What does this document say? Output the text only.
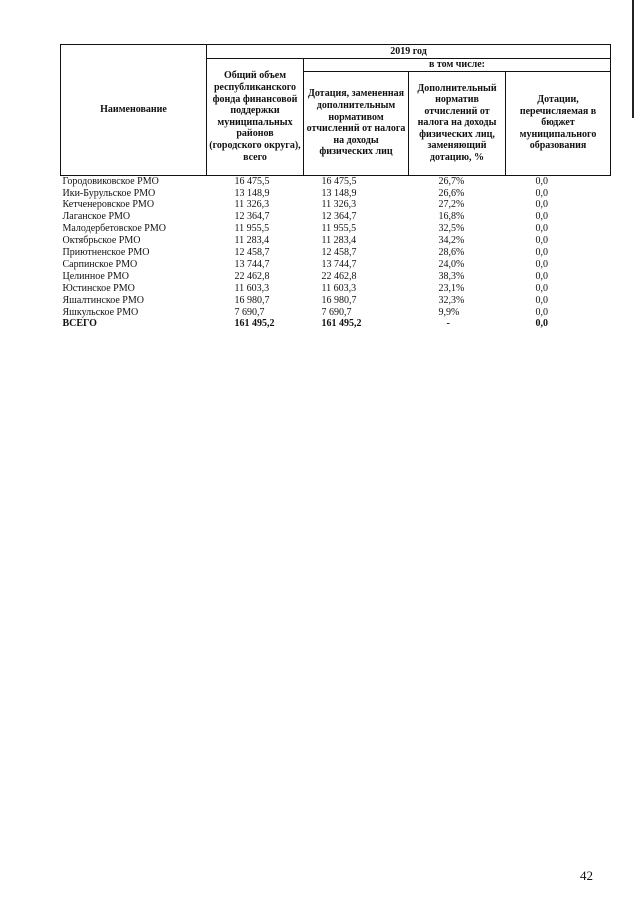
Наименование	2019 год			
	Общий объем республиканского фонда финансовой поддержки муниципальных районов (городского округа), всего	в том числе:		
		Дотация, замененная дополнительным нормативом отчислений от налога на доходы физических лиц	Дополнительный норматив отчислений от налога на доходы физических лиц, заменяющий дотацию, %	Дотации, перечисляемая в бюджет муниципального образования
Городовиковское РМО	16 475,5	16 475,5	26,7%	0,0
Ики-Бурульское РМО	13 148,9	13 148,9	26,6%	0,0
Кетченеровское РМО	11 326,3	11 326,3	27,2%	0,0
Лаганское РМО	12 364,7	12 364,7	16,8%	0,0
Малодербетовское РМО	11 955,5	11 955,5	32,5%	0,0
Октябрьское РМО	11 283,4	11 283,4	34,2%	0,0
Приютненское РМО	12 458,7	12 458,7	28,6%	0,0
Сарпинское РМО	13 744,7	13 744,7	24,0%	0,0
Целинное РМО	22 462,8	22 462,8	38,3%	0,0
Юстинское РМО	11 603,3	11 603,3	23,1%	0,0
Яшалтинское РМО	16 980,7	16 980,7	32,3%	0,0
Яшкульское РМО	7 690,7	7 690,7	9,9%	0,0
ВСЕГО	161 495,2	161 495,2	-	0,0
42
